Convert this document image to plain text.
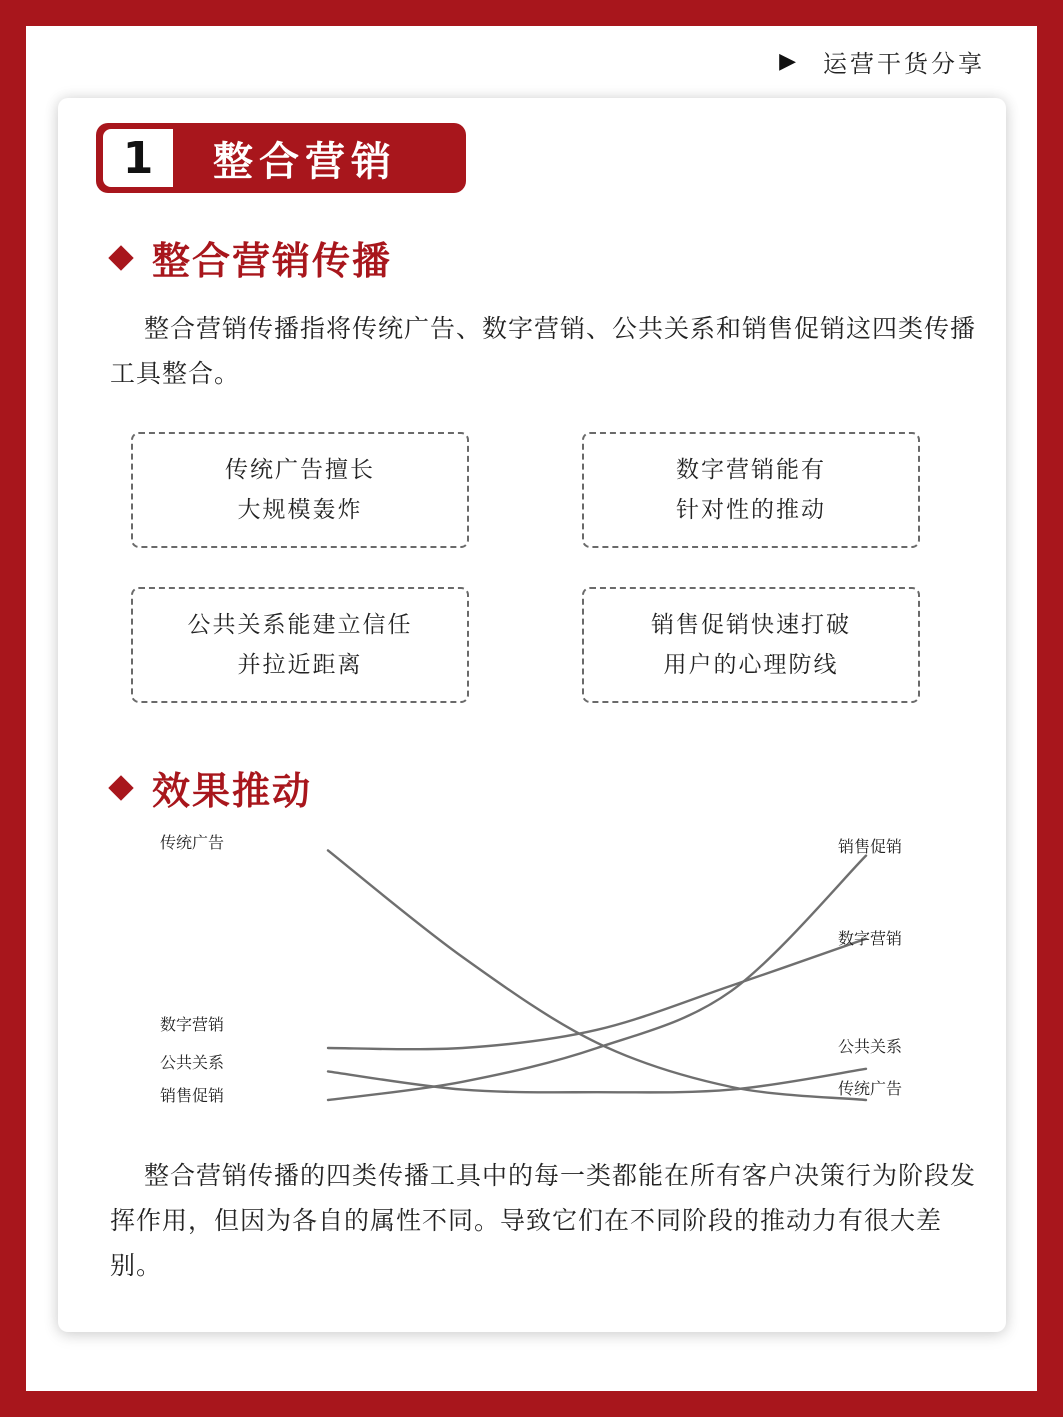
▶ 运营干货分享
1	整合营销
整合营销传播
整合营销传播指将传统广告、数字营销、公共关系和销售促销这四类传播工具整合。
传统广告擅长
大规模轰炸
数字营销能有
针对性的推动
公共关系能建立信任
并拉近距离
销售促销快速打破
用户的心理防线
效果推动
传统广告
数字营销
公共关系
销售促销
销售促销
数字营销
公共关系
传统广告
整合营销传播的四类传播工具中的每一类都能在所有客户决策行为阶段发挥作用，但因为各自的属性不同。导致它们在不同阶段的推动力有很大差别。
